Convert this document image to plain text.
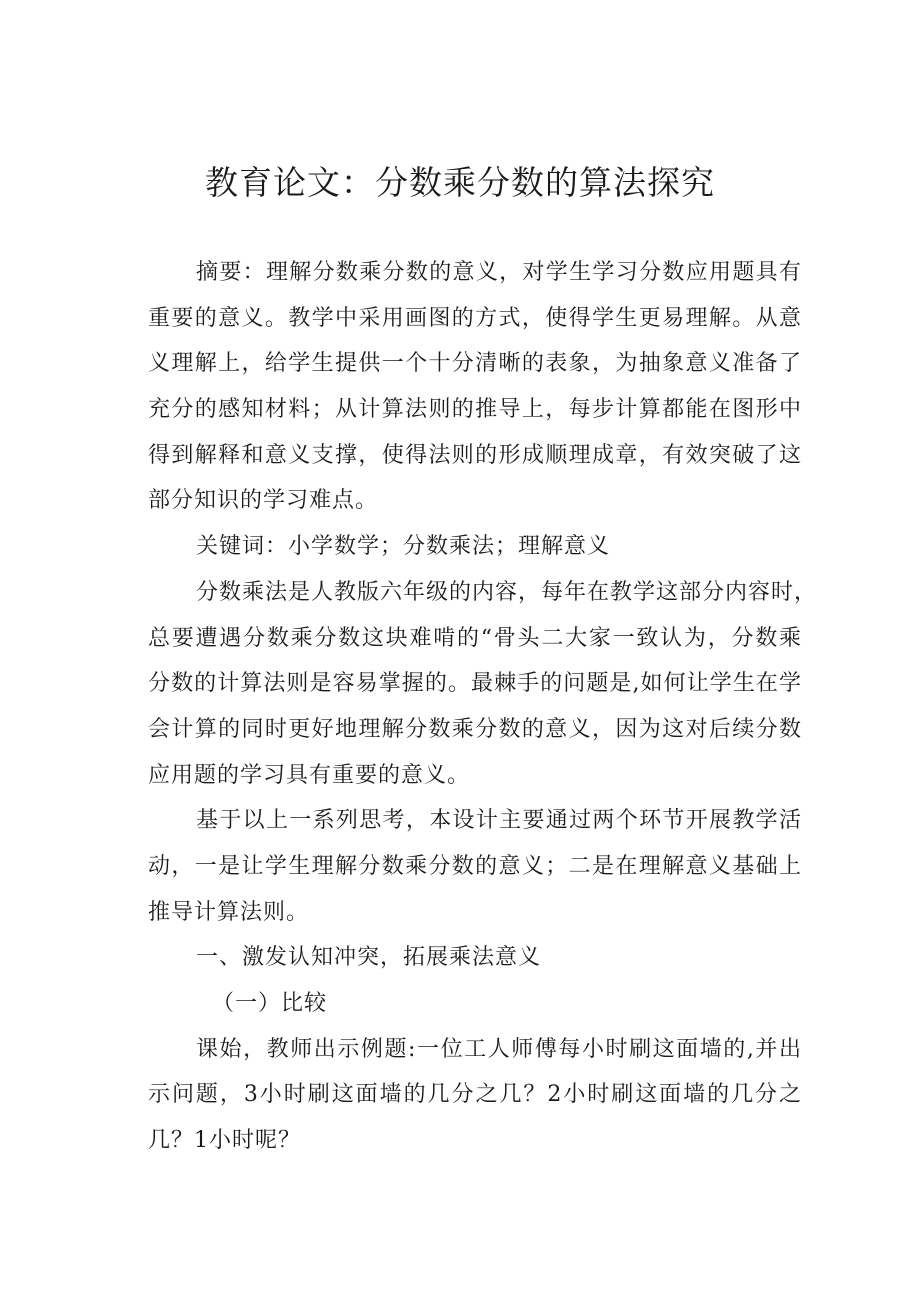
教育论文：分数乘分数的算法探究
摘要：理解分数乘分数的意义，对学生学习分数应用题具有
重要的意义。教学中采用画图的方式，使得学生更易理解。从意
义理解上，给学生提供一个十分清晰的表象，为抽象意义准备了
充分的感知材料；从计算法则的推导上，每步计算都能在图形中
得到解释和意义支撑，使得法则的形成顺理成章，有效突破了这
部分知识的学习难点。
关键词：小学数学；分数乘法；理解意义
分数乘法是人教版六年级的内容，每年在教学这部分内容时，
总要遭遇分数乘分数这块难啃的“骨头二大家一致认为，分数乘
分数的计算法则是容易掌握的。最棘手的问题是,如何让学生在学
会计算的同时更好地理解分数乘分数的意义，因为这对后续分数
应用题的学习具有重要的意义。
基于以上一系列思考，本设计主要通过两个环节开展教学活
动，一是让学生理解分数乘分数的意义；二是在理解意义基础上
推导计算法则。
一、激发认知冲突，拓展乘法意义
（一）比较
课始，教师出示例题:一位工人师傅每小时刷这面墙的,并出
示问题，3小时刷这面墙的几分之几？2小时刷这面墙的几分之
几？1小时呢？
